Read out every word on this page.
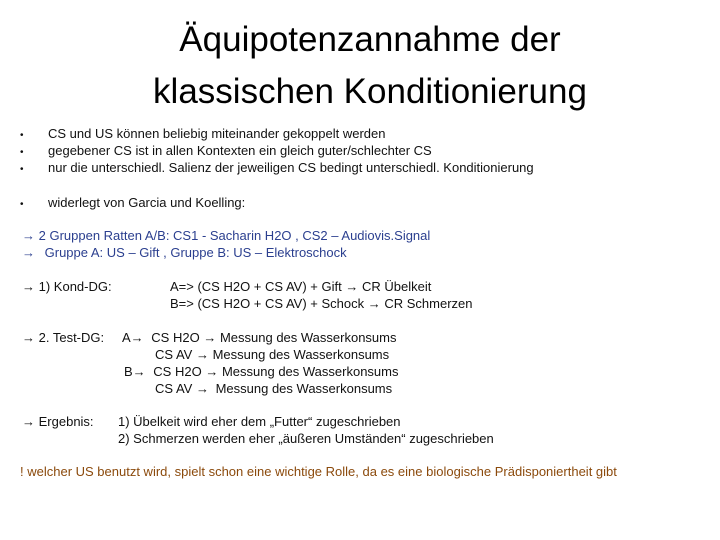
Äquipotenzannahme der
klassischen Konditionierung
• CS und US können beliebig miteinander gekoppelt werden
• gegebener CS ist in allen Kontexten ein gleich guter/schlechter CS
• nur die unterschiedl. Salienz der jeweiligen CS bedingt unterschiedl. Konditionierung
• widerlegt von Garcia und Koelling:
→ 2 Gruppen Ratten A/B: CS1 - Sacharin H2O , CS2 – Audiovis.Signal
→ Gruppe A: US – Gift , Gruppe B: US – Elektroschock
→ 1) Kond-DG:	A=> (CS H2O + CS AV) + Gift → CR Übelkeit
B=> (CS H2O + CS AV) + Schock → CR Schmerzen
→ 2. Test-DG: A→ CS H2O → Messung des Wasserkonsums
CS AV → Messung des Wasserkonsums
B→ CS H2O → Messung des Wasserkonsums
CS AV → Messung des Wasserkonsums
→ Ergebnis: 1) Übelkeit wird eher dem „Futter“ zugeschrieben
2) Schmerzen werden eher „äußeren Umständen“ zugeschrieben
! welcher US benutzt wird, spielt schon eine wichtige Rolle, da es eine biologische Prädisponiertheit gibt
